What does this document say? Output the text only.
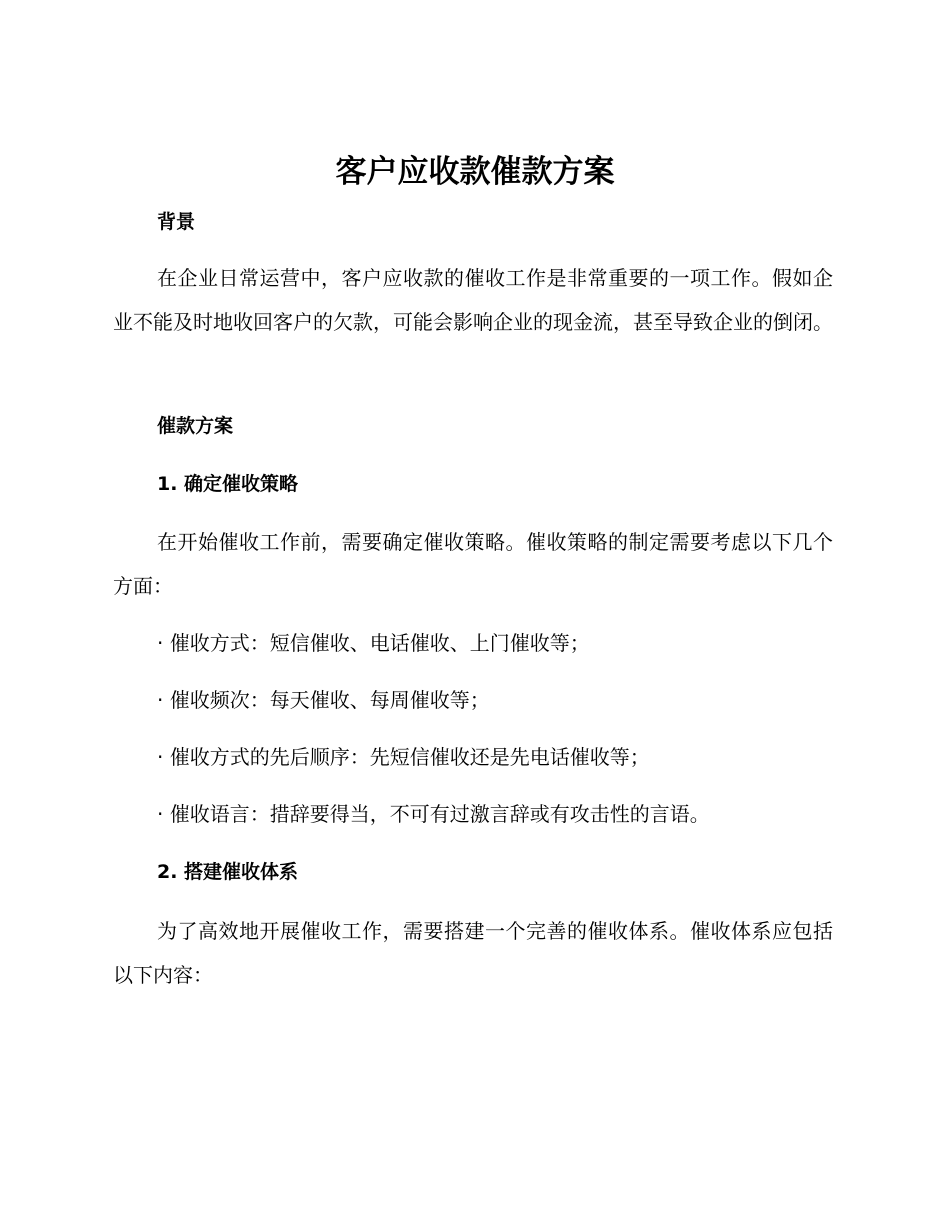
客户应收款催款方案
背景

在企业日常运营中，客户应收款的催收工作是非常重要的一项工作。假如企业不能及时地收回客户的欠款，可能会影响企业的现金流，甚至导致企业的倒闭。

催款方案
1. 确定催收策略

在开始催收工作前，需要确定催收策略。催收策略的制定需要考虑以下几个方面：

· 催收方式：短信催收、电话催收、上门催收等；

· 催收频次：每天催收、每周催收等；

· 催收方式的先后顺序：先短信催收还是先电话催收等；

· 催收语言：措辞要得当，不可有过激言辞或有攻击性的言语。

2. 搭建催收体系

为了高效地开展催收工作，需要搭建一个完善的催收体系。催收体系应包括以下内容：
